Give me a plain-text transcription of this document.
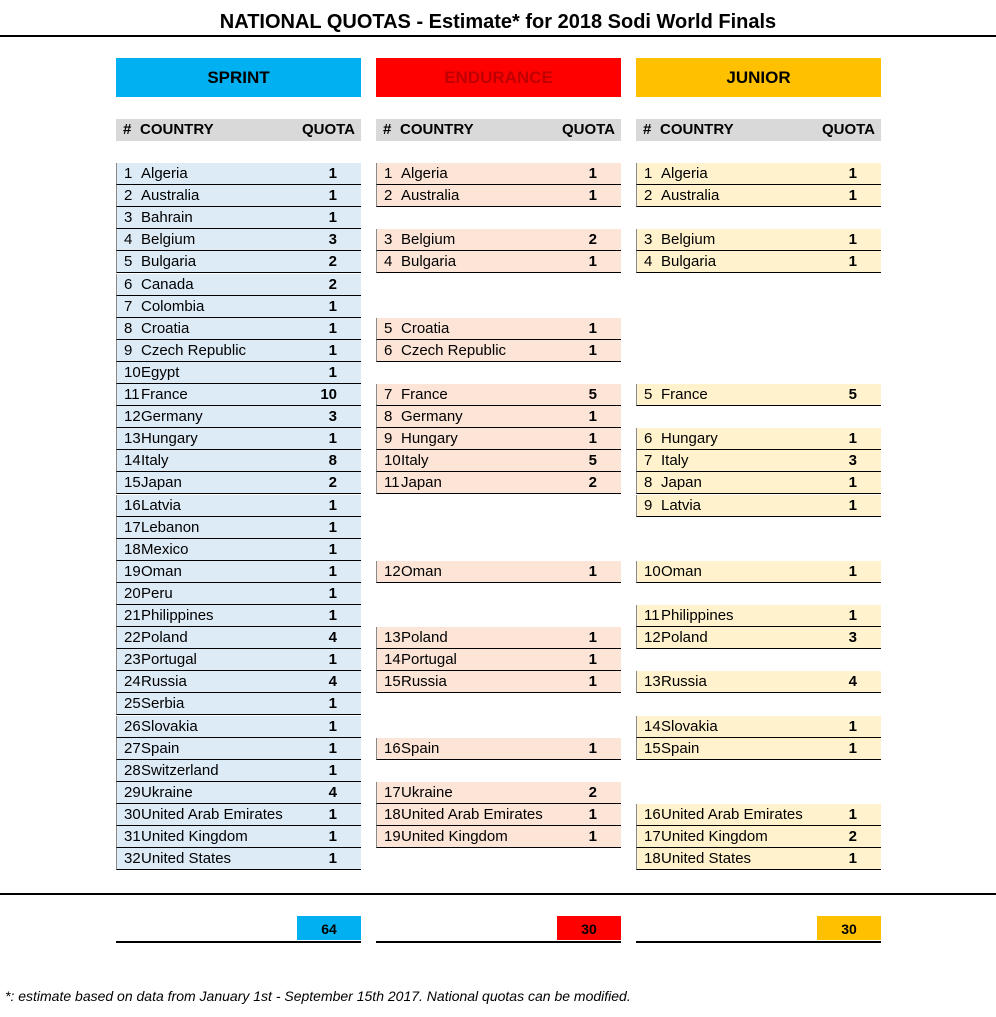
NATIONAL QUOTAS - Estimate* for 2018 Sodi World Finals
SPRINT
# COUNTRY	QUOTA
1 Algeria	1
2 Australia	1
3 Bahrain	1
4 Belgium	3
5 Bulgaria	2
6 Canada	2
7 Colombia	1
8 Croatia	1
9 Czech Republic	1
10 Egypt	1
11 France	10
12 Germany	3
13 Hungary	1
14 Italy	8
15 Japan	2
16 Latvia	1
17 Lebanon	1
18 Mexico	1
19 Oman	1
20 Peru	1
21 Philippines	1
22 Poland	4
23 Portugal	1
24 Russia	4
25 Serbia	1
26 Slovakia	1
27 Spain	1
28 Switzerland	1
29 Ukraine	4
30 United Arab Emirates	1
31 United Kingdom	1
32 United States	1
64
ENDURANCE
# COUNTRY	QUOTA
1 Algeria	1
2 Australia	1
3 Belgium	2
4 Bulgaria	1
5 Croatia	1
6 Czech Republic	1
7 France	5
8 Germany	1
9 Hungary	1
10 Italy	5
11 Japan	2
12 Oman	1
13 Poland	1
14 Portugal	1
15 Russia	1
16 Spain	1
17 Ukraine	2
18 United Arab Emirates	1
19 United Kingdom	1
30
JUNIOR
# COUNTRY	QUOTA
1 Algeria	1
2 Australia	1
3 Belgium	1
4 Bulgaria	1
5 France	5
6 Hungary	1
7 Italy	3
8 Japan	1
9 Latvia	1
10 Oman	1
11 Philippines	1
12 Poland	3
13 Russia	4
14 Slovakia	1
15 Spain	1
16 United Arab Emirates	1
17 United Kingdom	2
18 United States	1
30
*: estimate based on data from January 1st - September 15th 2017. National quotas can be modified.
